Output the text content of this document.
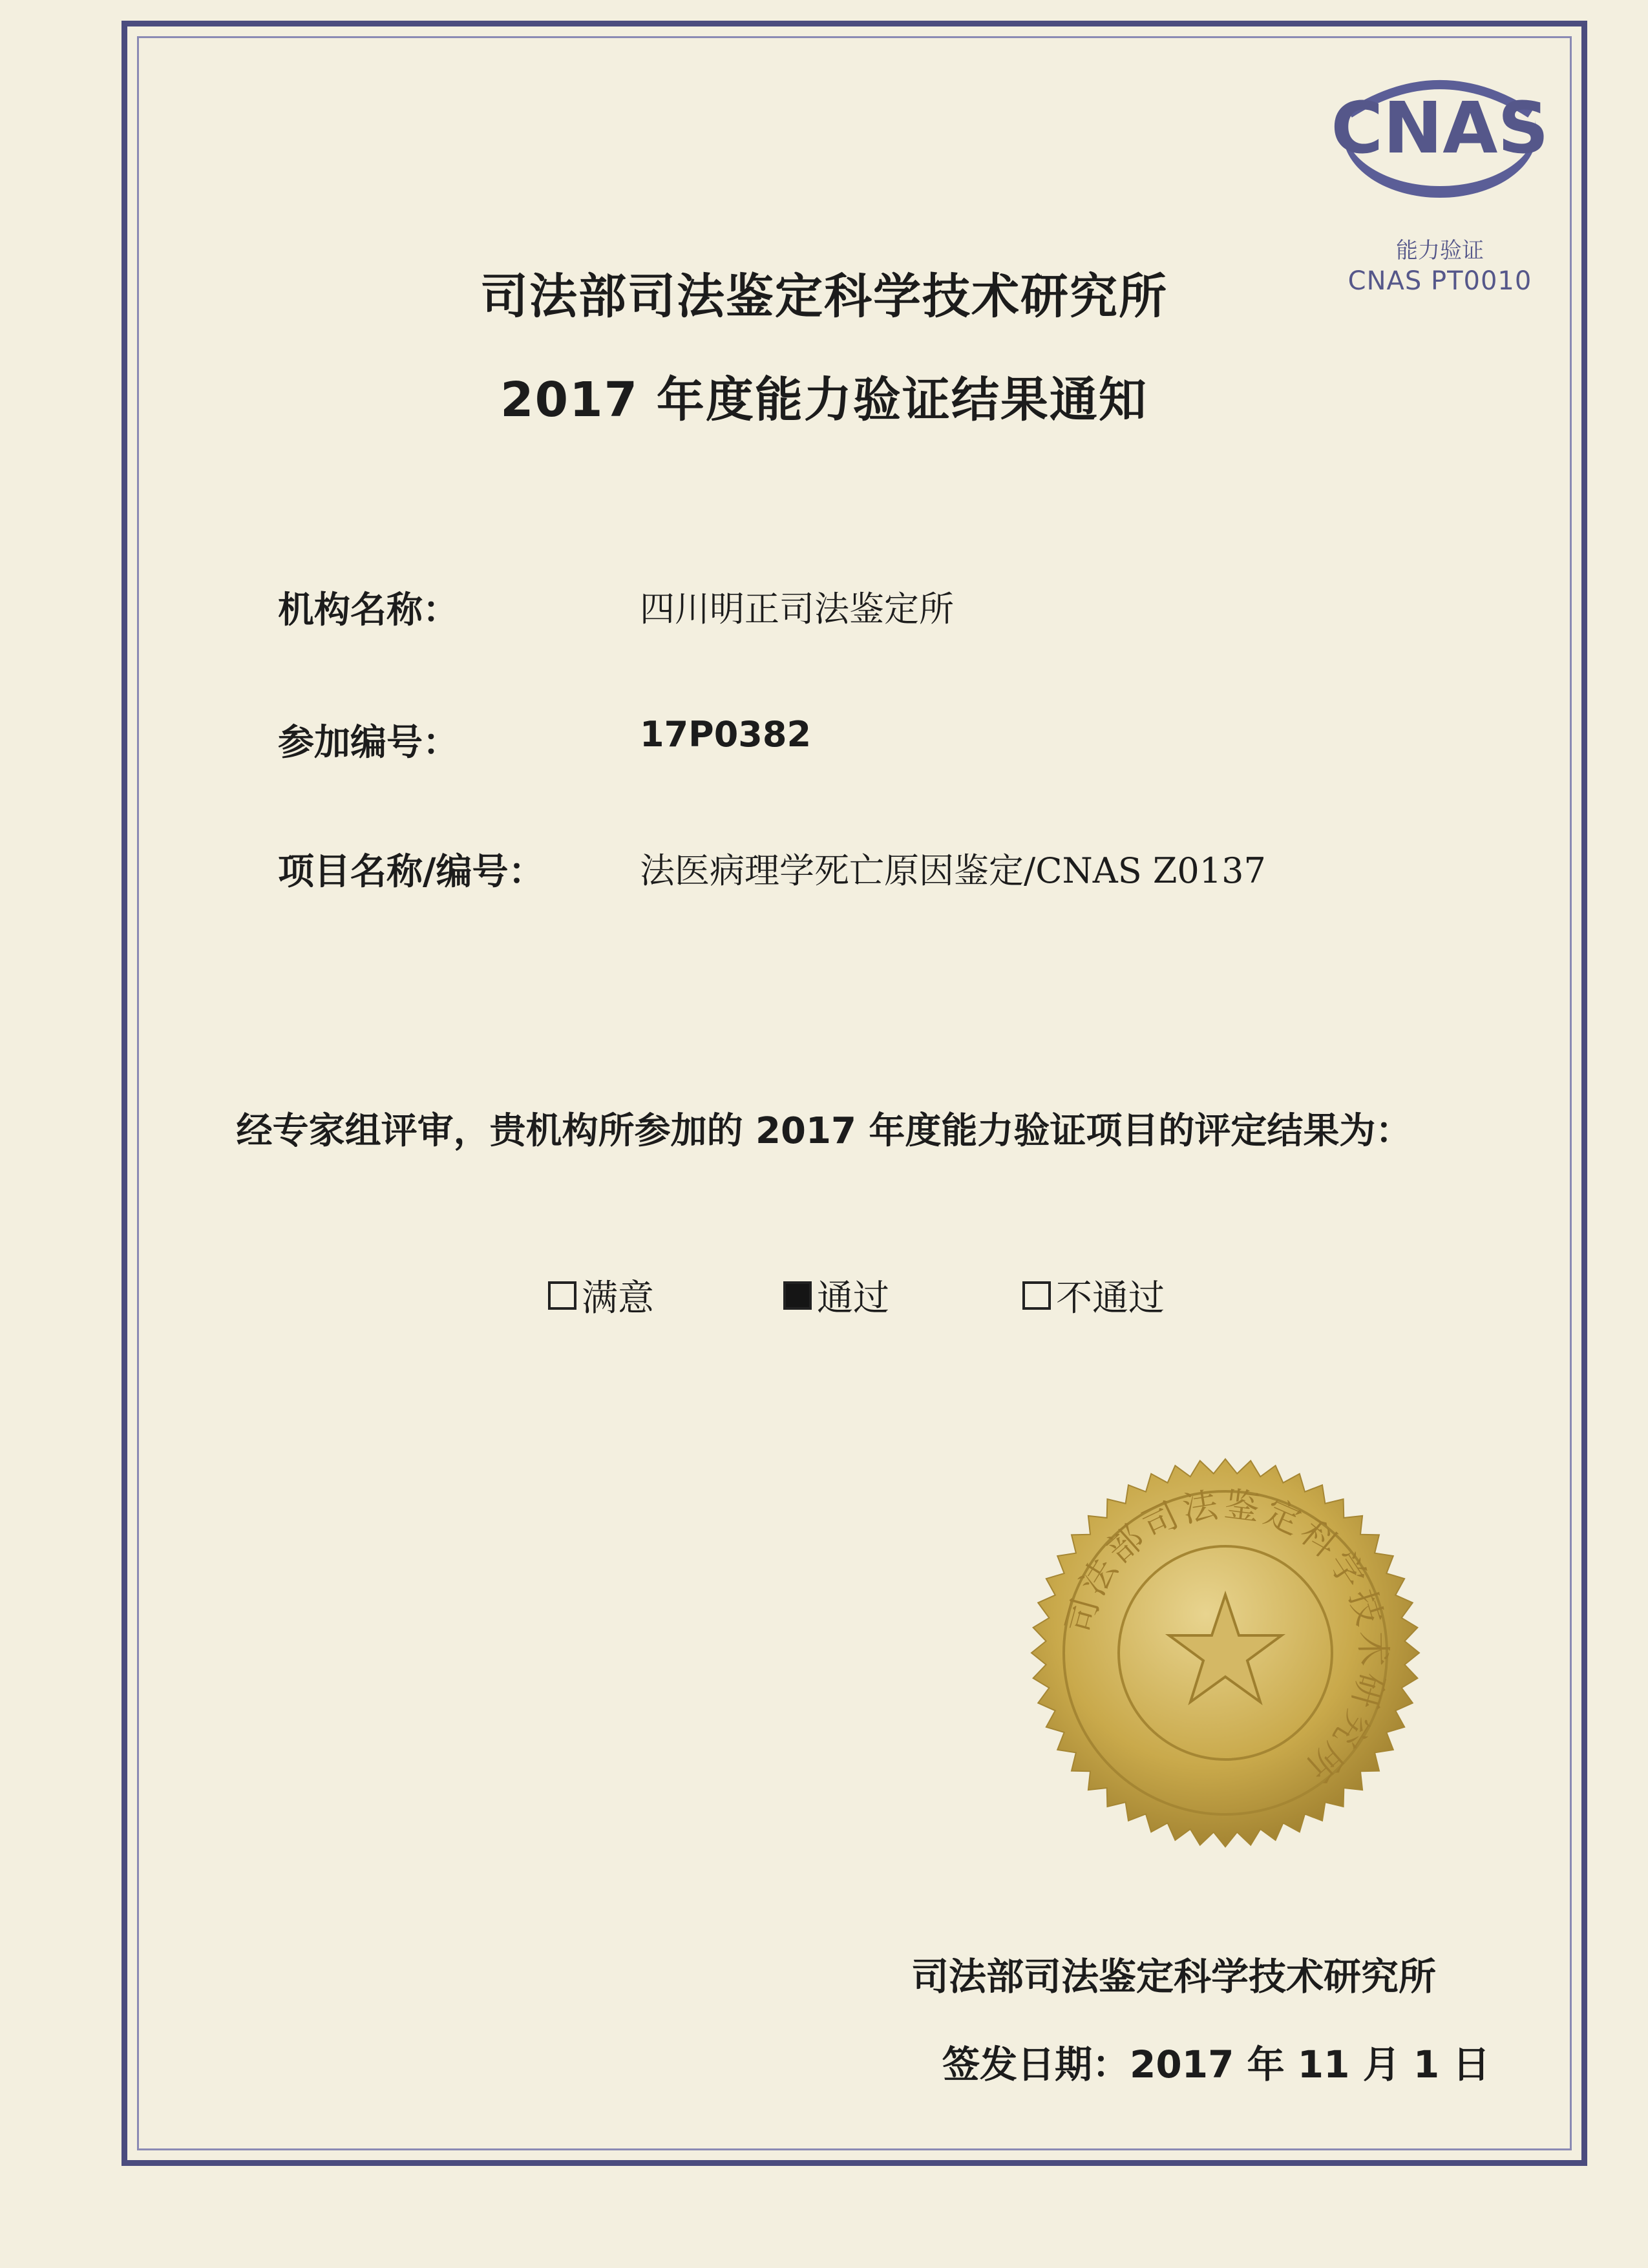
CNAS
能力验证
CNAS PT0010
司法部司法鉴定科学技术研究所
2017 年度能力验证结果通知
机构名称：	四川明正司法鉴定所
参加编号：	17P0382
项目名称/编号：	法医病理学死亡原因鉴定/CNAS Z0137
经专家组评审，贵机构所参加的 2017 年度能力验证项目的评定结果为：
满意	通过	不通过
司法部司法鉴定科学技术研究所
司法部司法鉴定科学技术研究所
签发日期：2017 年 11 月 1 日
